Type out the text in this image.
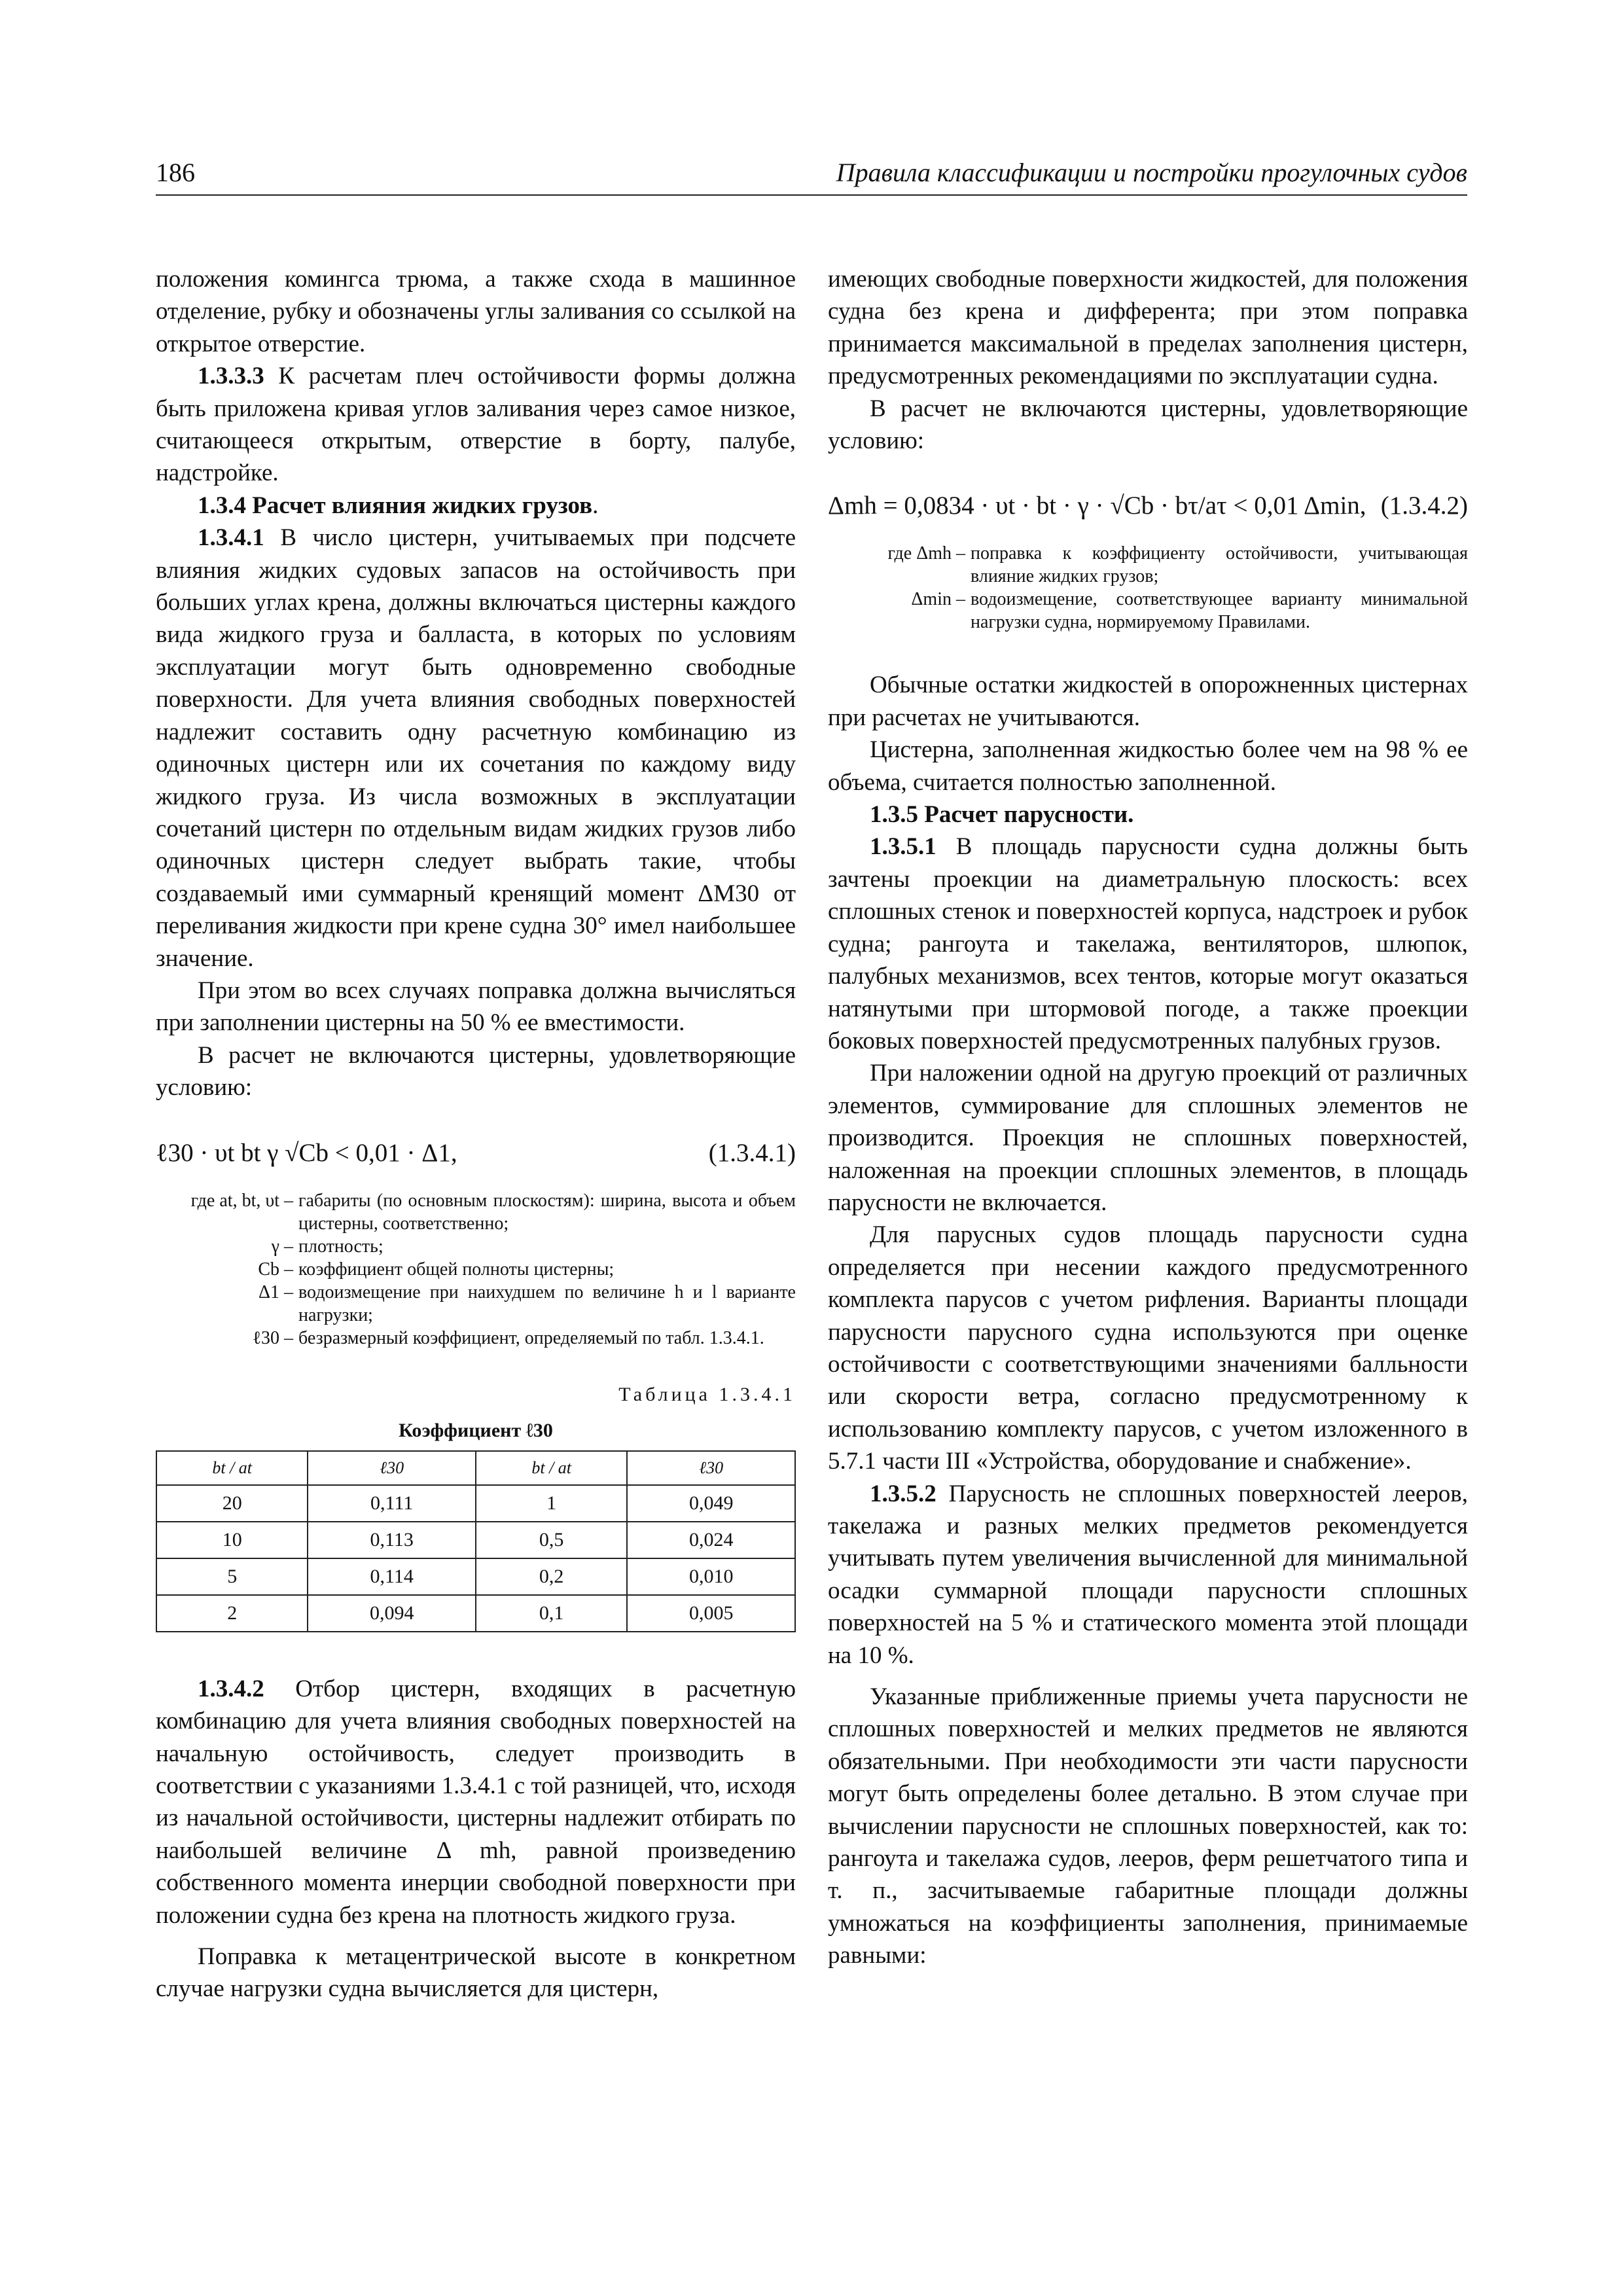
186	Правила классификации и постройки прогулочных судов

положения комингса трюма, а также схода в машинное отделение, рубку и обозначены углы заливания со ссылкой на открытое отверстие.

1.3.3.3 К расчетам плеч остойчивости формы должна быть приложена кривая углов заливания через самое низкое, считающееся открытым, отверстие в борту, палубе, надстройке.

1.3.4 Расчет влияния жидких грузов.

1.3.4.1 В число цистерн, учитываемых при подсчете влияния жидких судовых запасов на остойчивость при больших углах крена, должны включаться цистерны каждого вида жидкого груза и балласта, в которых по условиям эксплуатации могут быть одновременно свободные поверхности. Для учета влияния свободных поверхностей надлежит составить одну расчетную комбинацию из одиночных цистерн или их сочетания по каждому виду жидкого груза. Из числа возможных в эксплуатации сочетаний цистерн по отдельным видам жидких грузов либо одиночных цистерн следует выбрать такие, чтобы создаваемый ими суммарный кренящий момент ΔM30 от переливания жидкости при крене судна 30° имел наибольшее значение.

При этом во всех случаях поправка должна вычисляться при заполнении цистерны на 50 % ее вместимости.

В расчет не включаются цистерны, удовлетворяющие условию:

ℓ30 · υt bt γ √Cb < 0,01 · Δ1,	(1.3.4.1)
где at, bt, υt – габариты (по основным плоскостям): ширина, высота и объем цистерны, соответственно;
γ – плотность;
Cb – коэффициент общей полноты цистерны;
Δ1 – водоизмещение при наихудшем по величине h и l варианте нагрузки;
ℓ30 – безразмерный коэффициент, определяемый по табл. 1.3.4.1.
Таблица 1.3.4.1
Коэффициент ℓ30
bt / at	ℓ30	bt / at	ℓ30
20	0,111	1	0,049
10	0,113	0,5	0,024
5	0,114	0,2	0,010
2	0,094	0,1	0,005

1.3.4.2 Отбор цистерн, входящих в расчетную комбинацию для учета влияния свободных поверхностей на начальную остойчивость, следует производить в соответствии с указаниями 1.3.4.1 с той разницей, что, исходя из начальной остойчивости, цистерны надлежит отбирать по наибольшей величине Δ mh, равной произведению собственного момента инерции свободной поверхности при положении судна без крена на плотность жидкого груза.

Поправка к метацентрической высоте в конкретном случае нагрузки судна вычисляется для цистерн,

имеющих свободные поверхности жидкостей, для положения судна без крена и дифферента; при этом поправка принимается максимальной в пределах заполнения цистерн, предусмотренных рекомендациями по эксплуатации судна.

В расчет не включаются цистерны, удовлетворяющие условию:

Δmh = 0,0834 · υt · bt · γ · √Cb · bτ/aτ < 0,01 Δmin, (1.3.4.2)
где Δmh – поправка к коэффициенту остойчивости, учитывающая влияние жидких грузов;
Δmin – водоизмещение, соответствующее варианту минимальной нагрузки судна, нормируемому Правилами.

Обычные остатки жидкостей в опорожненных цистернах при расчетах не учитываются.

Цистерна, заполненная жидкостью более чем на 98 % ее объема, считается полностью заполненной.

1.3.5 Расчет парусности.

1.3.5.1 В площадь парусности судна должны быть зачтены проекции на диаметральную плоскость: всех сплошных стенок и поверхностей корпуса, надстроек и рубок судна; рангоута и такелажа, вентиляторов, шлюпок, палубных механизмов, всех тентов, которые могут оказаться натянутыми при штормовой погоде, а также проекции боковых поверхностей предусмотренных палубных грузов.

При наложении одной на другую проекций от различных элементов, суммирование для сплошных элементов не производится. Проекция не сплошных поверхностей, наложенная на проекции сплошных элементов, в площадь парусности не включается.

Для парусных судов площадь парусности судна определяется при несении каждого предусмотренного комплекта парусов с учетом рифления. Варианты площади парусности парусного судна используются при оценке остойчивости с соответствующими значениями балльности или скорости ветра, согласно предусмотренному к использованию комплекту парусов, с учетом изложенного в 5.7.1 части III «Устройства, оборудование и снабжение».

1.3.5.2 Парусность не сплошных поверхностей лееров, такелажа и разных мелких предметов рекомендуется учитывать путем увеличения вычисленной для минимальной осадки суммарной площади парусности сплошных поверхностей на 5 % и статического момента этой площади на 10 %.

Указанные приближенные приемы учета парусности не сплошных поверхностей и мелких предметов не являются обязательными. При необходимости эти части парусности могут быть определены более детально. В этом случае при вычислении парусности не сплошных поверхностей, как то: рангоута и такелажа судов, лееров, ферм решетчатого типа и т. п., засчитываемые габаритные площади должны умножаться на коэффициенты заполнения, принимаемые равными:
